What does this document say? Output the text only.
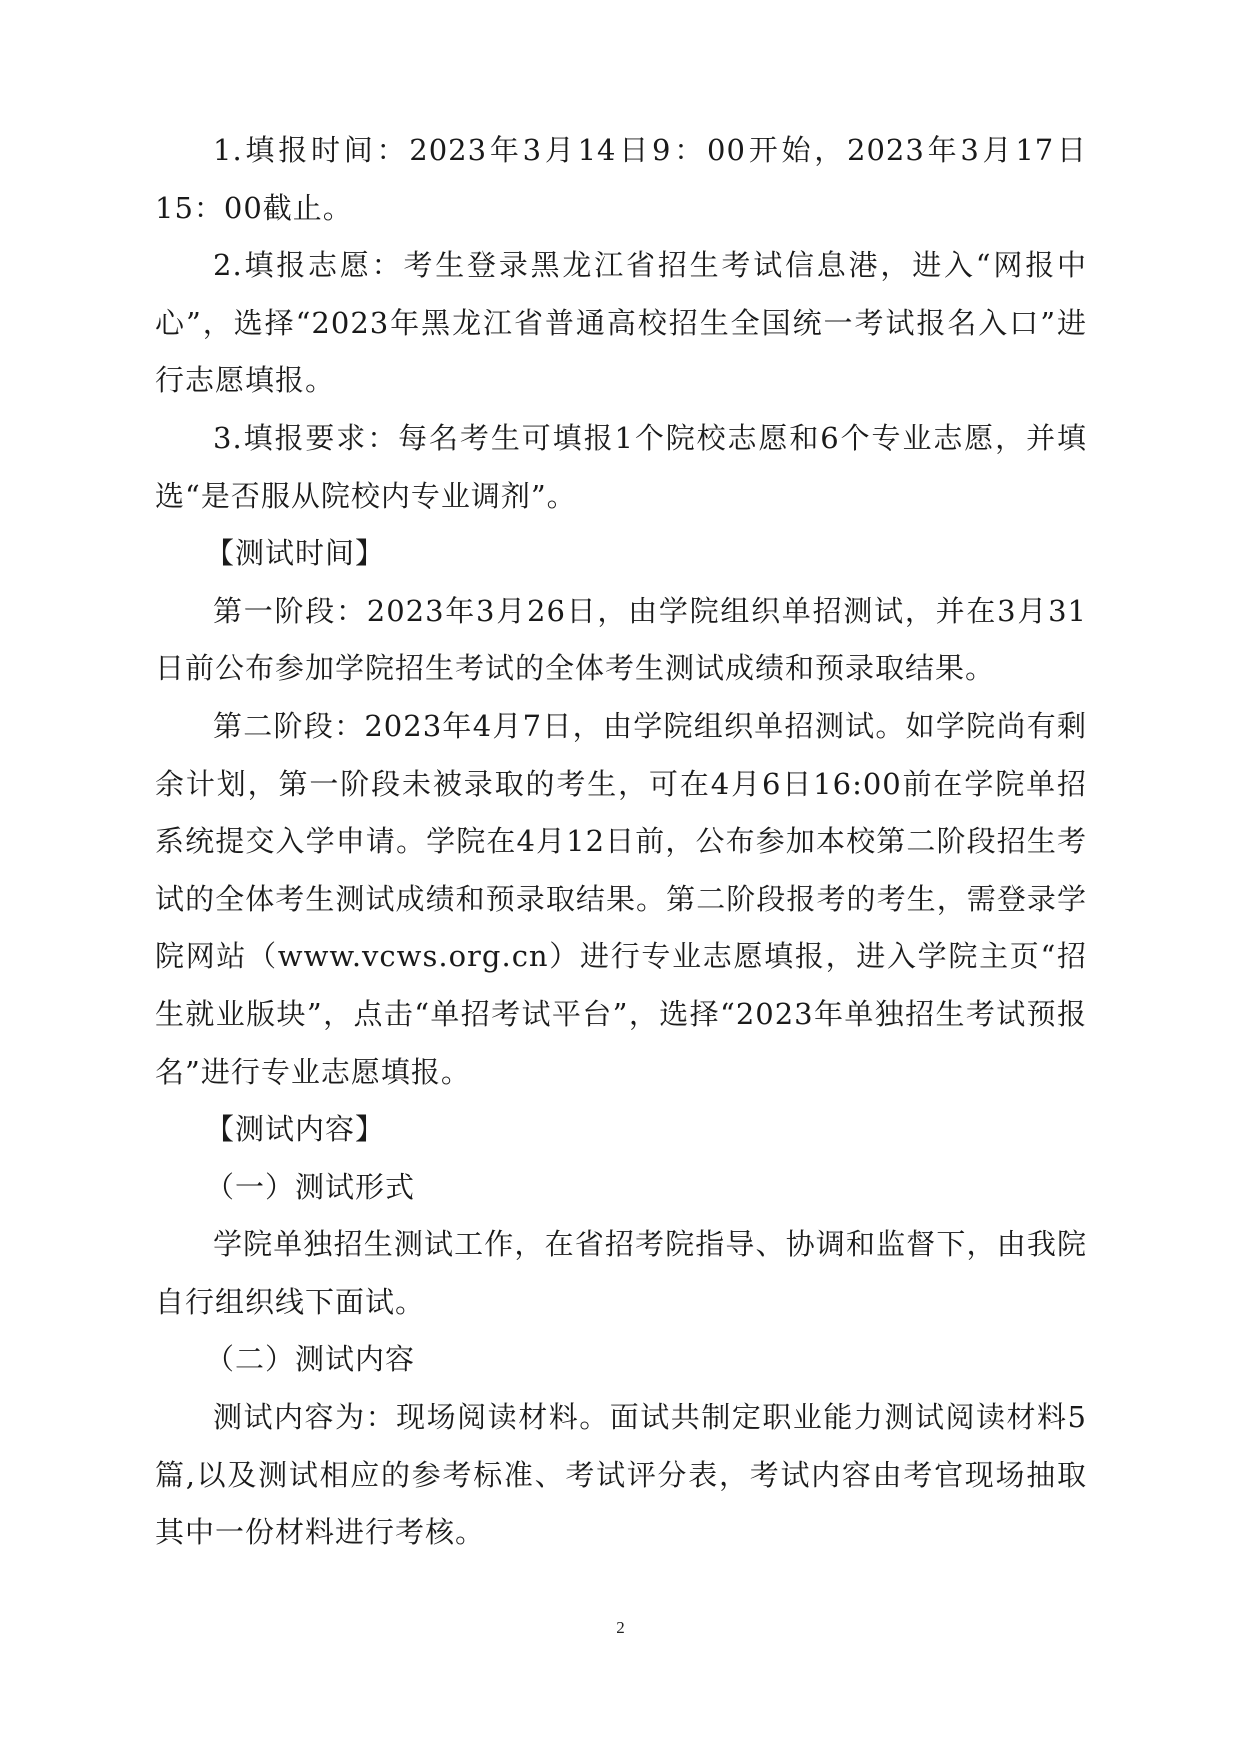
1.填报时间：2023年3月14日9：00开始，2023年3月17日15：00截止。

2.填报志愿：考生登录黑龙江省招生考试信息港，进入“网报中心”，选择“2023年黑龙江省普通高校招生全国统一考试报名入口”进行志愿填报。

3.填报要求：每名考生可填报1个院校志愿和6个专业志愿，并填选“是否服从院校内专业调剂”。

【测试时间】

第一阶段：2023年3月26日，由学院组织单招测试，并在3月31日前公布参加学院招生考试的全体考生测试成绩和预录取结果。

第二阶段：2023年4月7日，由学院组织单招测试。如学院尚有剩余计划，第一阶段未被录取的考生，可在4月6日16:00前在学院单招系统提交入学申请。学院在4月12日前，公布参加本校第二阶段招生考试的全体考生测试成绩和预录取结果。第二阶段报考的考生，需登录学院网站（www.vcws.org.cn）进行专业志愿填报，进入学院主页“招生就业版块”，点击“单招考试平台”，选择“2023年单独招生考试预报名”进行专业志愿填报。

【测试内容】

（一）测试形式

学院单独招生测试工作，在省招考院指导、协调和监督下，由我院自行组织线下面试。

（二）测试内容

测试内容为：现场阅读材料。面试共制定职业能力测试阅读材料5篇,以及测试相应的参考标准、考试评分表，考试内容由考官现场抽取其中一份材料进行考核。

2
